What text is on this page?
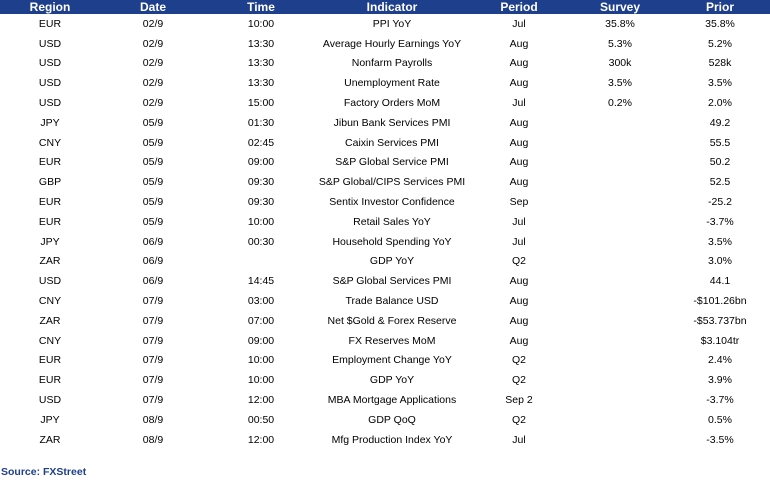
Region	Date	Time	Indicator	Period	Survey	Prior
EUR	02/9	10:00	PPI YoY	Jul	35.8%	35.8%
USD	02/9	13:30	Average Hourly Earnings YoY	Aug	5.3%	5.2%
USD	02/9	13:30	Nonfarm Payrolls	Aug	300k	528k
USD	02/9	13:30	Unemployment Rate	Aug	3.5%	3.5%
USD	02/9	15:00	Factory Orders MoM	Jul	0.2%	2.0%
JPY	05/9	01:30	Jibun Bank Services PMI	Aug		49.2
CNY	05/9	02:45	Caixin Services PMI	Aug		55.5
EUR	05/9	09:00	S&P Global Service PMI	Aug		50.2
GBP	05/9	09:30	S&P Global/CIPS Services PMI	Aug		52.5
EUR	05/9	09:30	Sentix Investor Confidence	Sep		-25.2
EUR	05/9	10:00	Retail Sales YoY	Jul		-3.7%
JPY	06/9	00:30	Household Spending YoY	Jul		3.5%
ZAR	06/9		GDP YoY	Q2		3.0%
USD	06/9	14:45	S&P Global Services PMI	Aug		44.1
CNY	07/9	03:00	Trade Balance USD	Aug		-$101.26bn
ZAR	07/9	07:00	Net $Gold & Forex Reserve	Aug		-$53.737bn
CNY	07/9	09:00	FX Reserves MoM	Aug		$3.104tr
EUR	07/9	10:00	Employment Change YoY	Q2		2.4%
EUR	07/9	10:00	GDP YoY	Q2		3.9%
USD	07/9	12:00	MBA Mortgage Applications	Sep 2		-3.7%
JPY	08/9	00:50	GDP QoQ	Q2		0.5%
ZAR	08/9	12:00	Mfg Production Index YoY	Jul		-3.5%
Source: FXStreet
